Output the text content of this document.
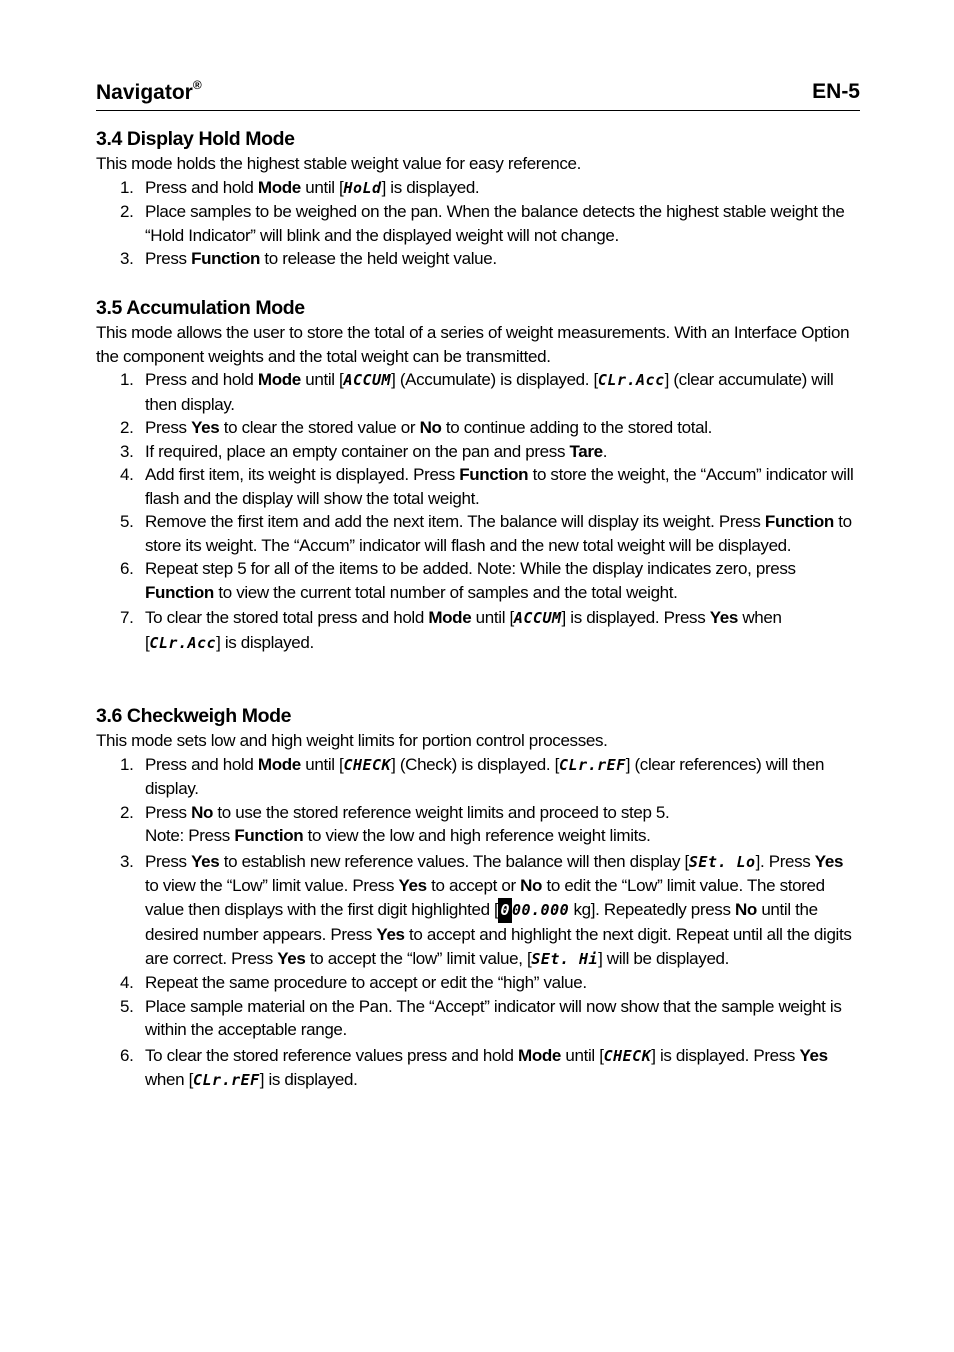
Navigator®	EN-5
3.4 Display Hold Mode

This mode holds the highest stable weight value for easy reference.

1. Press and hold Mode until [HoLd] is displayed.
2. Place samples to be weighed on the pan. When the balance detects the highest stable weight the “Hold Indicator” will blink and the displayed weight will not change.
3. Press Function to release the held weight value.
3.5 Accumulation Mode

This mode allows the user to store the total of a series of weight measurements. With an Interface Option the component weights and the total weight can be transmitted.

1. Press and hold Mode until [ACCUM] (Accumulate) is displayed. [CLr.Acc] (clear accumulate) will then display.
2. Press Yes to clear the stored value or No to continue adding to the stored total.
3. If required, place an empty container on the pan and press Tare.
4. Add first item, its weight is displayed. Press Function to store the weight, the “Accum” indicator will flash and the display will show the total weight.
5. Remove the first item and add the next item. The balance will display its weight. Press Function to store its weight. The “Accum” indicator will flash and the new total weight will be displayed.
6. Repeat step 5 for all of the items to be added. Note: While the display indicates zero, press Function to view the current total number of samples and the total weight.
7. To clear the stored total press and hold Mode until [ACCUM] is displayed. Press Yes when [CLr.Acc] is displayed.
3.6 Checkweigh Mode

This mode sets low and high weight limits for portion control processes.

1. Press and hold Mode until [CHECK] (Check) is displayed. [CLr.rEF] (clear references) will then display.
2. Press No to use the stored reference weight limits and proceed to step 5.
Note: Press Function to view the low and high reference weight limits.
3. Press Yes to establish new reference values. The balance will then display [SEt. Lo]. Press Yes to view the “Low” limit value. Press Yes to accept or No to edit the “Low” limit value. The stored value then displays with the first digit highlighted [ 0 00.000 kg]. Repeatedly press No until the desired number appears. Press Yes to accept and highlight the next digit. Repeat until all the digits are correct. Press Yes to accept the “low” limit value, [SEt. Hi] will be displayed.
4. Repeat the same procedure to accept or edit the “high” value.
5. Place sample material on the Pan. The “Accept” indicator will now show that the sample weight is within the acceptable range.
6. To clear the stored reference values press and hold Mode until [CHECK] is displayed. Press Yes when [CLr.rEF] is displayed.
